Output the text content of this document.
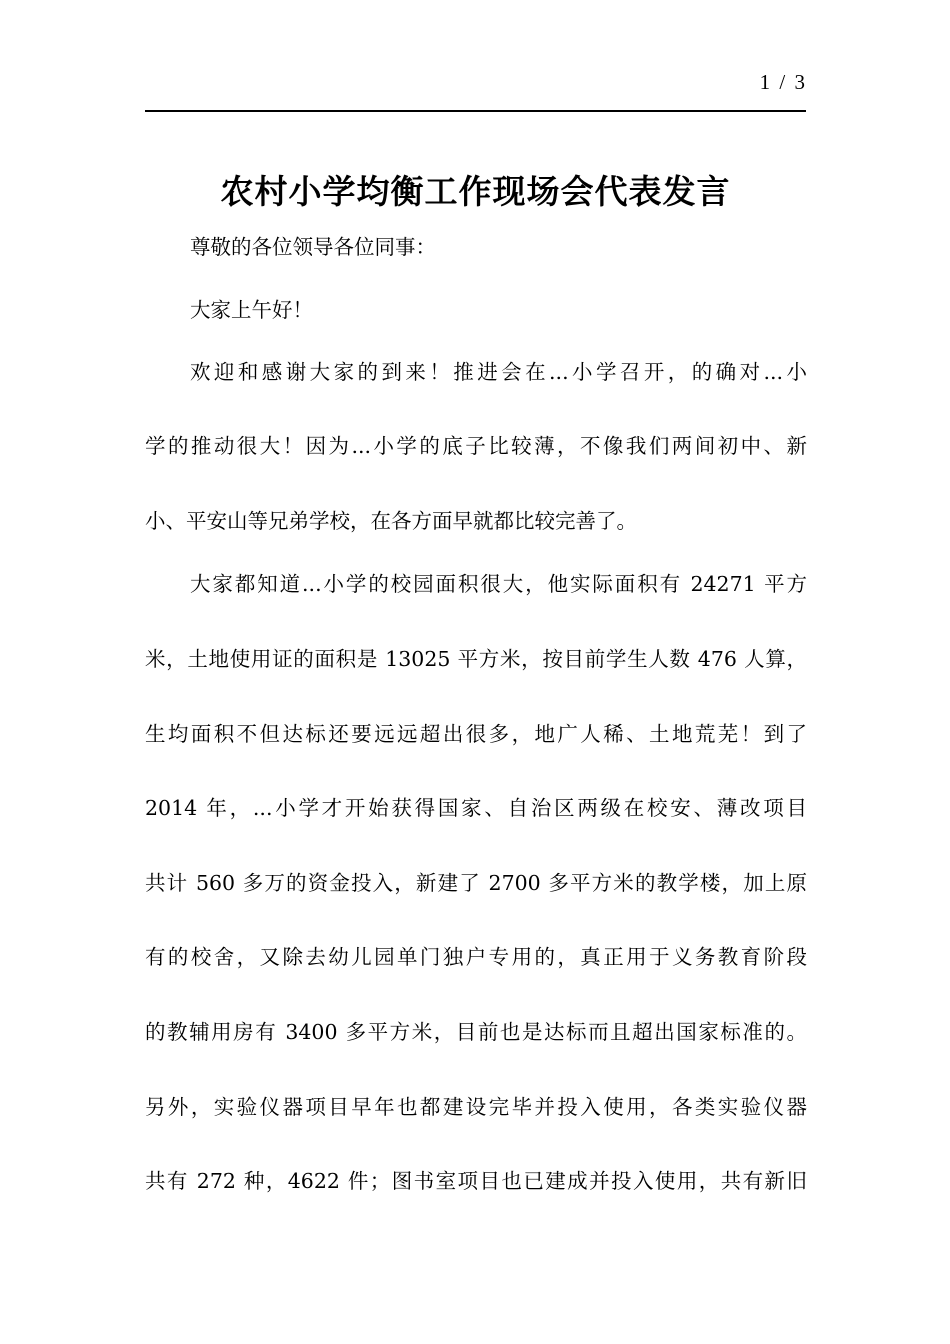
1 / 3
农村小学均衡工作现场会代表发言
尊敬的各位领导各位同事：
大家上午好！
欢迎和感谢大家的到来！推进会在...小学召开，的确对...小
学的推动很大！因为...小学的底子比较薄，不像我们两间初中、新
小、平安山等兄弟学校，在各方面早就都比较完善了。
大家都知道...小学的校园面积很大，他实际面积有 24271 平方
米，土地使用证的面积是 13025 平方米，按目前学生人数 476 人算，
生均面积不但达标还要远远超出很多，地广人稀、土地荒芜！到了
2014 年，...小学才开始获得国家、自治区两级在校安、薄改项目
共计 560 多万的资金投入，新建了 2700 多平方米的教学楼，加上原
有的校舍，又除去幼儿园单门独户专用的，真正用于义务教育阶段
的教辅用房有 3400 多平方米，目前也是达标而且超出国家标准的。
另外，实验仪器项目早年也都建设完毕并投入使用，各类实验仪器
共有 272 种，4622 件；图书室项目也已建成并投入使用，共有新旧
